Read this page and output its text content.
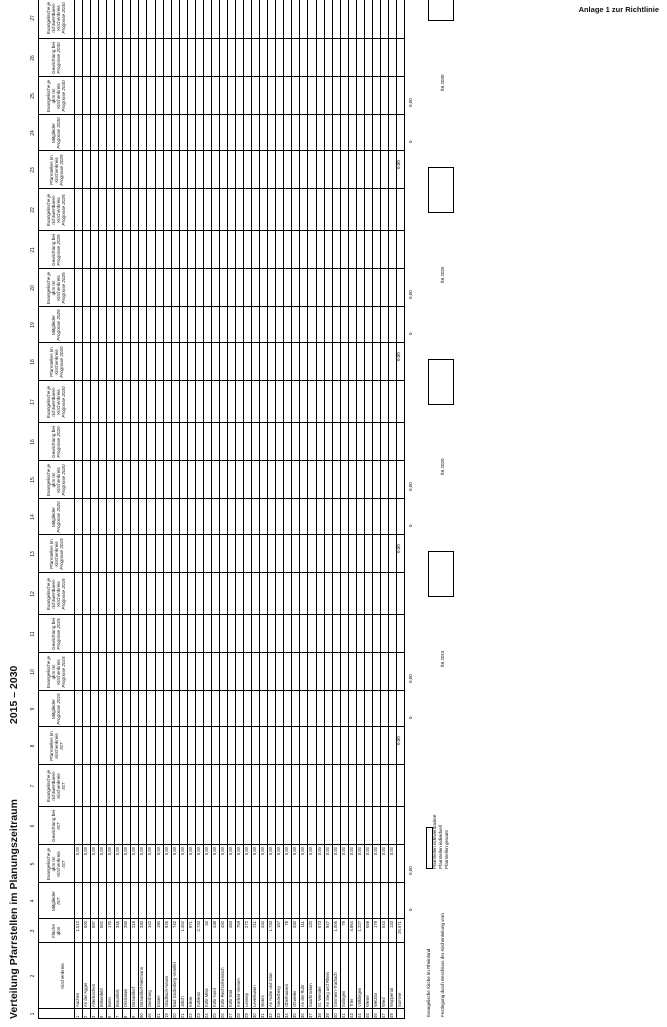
Anlage 1 zur Richtlinie
Verteilung Pfarrstellen im Planungszeitraum
2015 – 2030
1
2
3
4
5
6
7
8
9
10
11
12
13
14
15
16
17
18
19
20
21
22
23
24
25
26
27
Kirchenkreis
Fläche qkm
Mitglieder IST
Evangelische je qkm im Kirchenkreis IST
Gewichtung bei IST
Evangelische je richtwertbaren Kirchenkreis IST
Pfarrstellen im Kirchenkreis IST
Mitglieder Prognose 2015
Evangelische je qkm im Kirchenkreis Prognose 2015
Gewichtung bei Prognose 2015
Evangelische je richtwertbaren Kirchenkreis Prognose 2015
Pfarrstellen im Kirchenkreis Prognose 2015
Mitglieder Prognose 2020
Evangelische je qkm im Kirchenkreis Prognose 2020
Gewichtung bei Prognose 2020
Evangelische je richtwertbaren Kirchenkreis Prognose 2020
Pfarrstellen im Kirchenkreis Prognose 2020
Mitglieder Prognose 2025
Evangelische je qkm im Kirchenkreis Prognose 2025
Gewichtung bei Prognose 2025
Evangelische je richtwertbaren Kirchenkreis Prognose 2025
Pfarrstellen im Kirchenkreis Prognose 2025
Mitglieder Prognose 2030
Evangelische je qkm im Kirchenkreis Prognose 2030
Gewichtung bei Prognose 2030
Evangelische je richtwertbaren Kirchenkreis Prognose 2030
1
Aachen
1.512
0,00
2
An der Agger
600
0,00
3
Altenkirchen
597
0,00
5
Birkenfeld
552
0,00
6
Bonn
170
0,00
7
Braunfels
346
0,00
8
Dinslaken
250
0,00
9
Düsseldorf
218
0,00
50
Düsseldorf-Mettmann
330
0,00
46
Duisburg
142
0,00
51
Essen
190
0,00
19
Gladbach-Neuss
926
0,00
20
Bad Godesberg-Voreifel
742
0,00
21
Jülich
1.462
0,00
22
Kleve
971
0,00
23
Koblenz
2.733
0,00
24
Köln-Mitte
34
0,00
25
Köln-Nord
438
0,00
26
Köln-Rechtsrheinisch
492
0,00
27
Köln-Süd
483
0,00
28
Krefeld-Viersen
759
0,00
29
Lennep
272
0,00
30
Leverkusen
211
0,00
31
Moers
434
0,00
32
An Nahe und Glan
1.733
0,00
33
Niederberg
157
0,00
34
Oberhausen
78
0,00
35
Ottweiler
330
0,00
36
An der Ruhr
111
0,00
37
Saarbrücken
120
0,00
38
St. Wendel
573
0,00
39
An Sieg und Rhein
947
0,00
40
Simmern-Trarbach
1.006
0,00
41
Solingen
79
0,00
43
Trier
4.864
0,00
44
Völklingen
1.227
0,00
45
Wesel
659
0,00
46
Wetzlar
179
0,00
47
Wied
543
0,00
49
Wuppertal
133
0,00
Summe
26.571
0
0,00
0,00
0
0,00
0,00
0
0,00
0,00
0
0,00
0,00
0
0,00
Evangelische Kirche im Rheinland Festlegung durch Beschluss der Kirchenleitung vom
Pfarrstellen richtwertbasiert Pfarrstellen individuell Pfarrstellen gesamt
für 2015
für 2020
für 2025
für 2030
